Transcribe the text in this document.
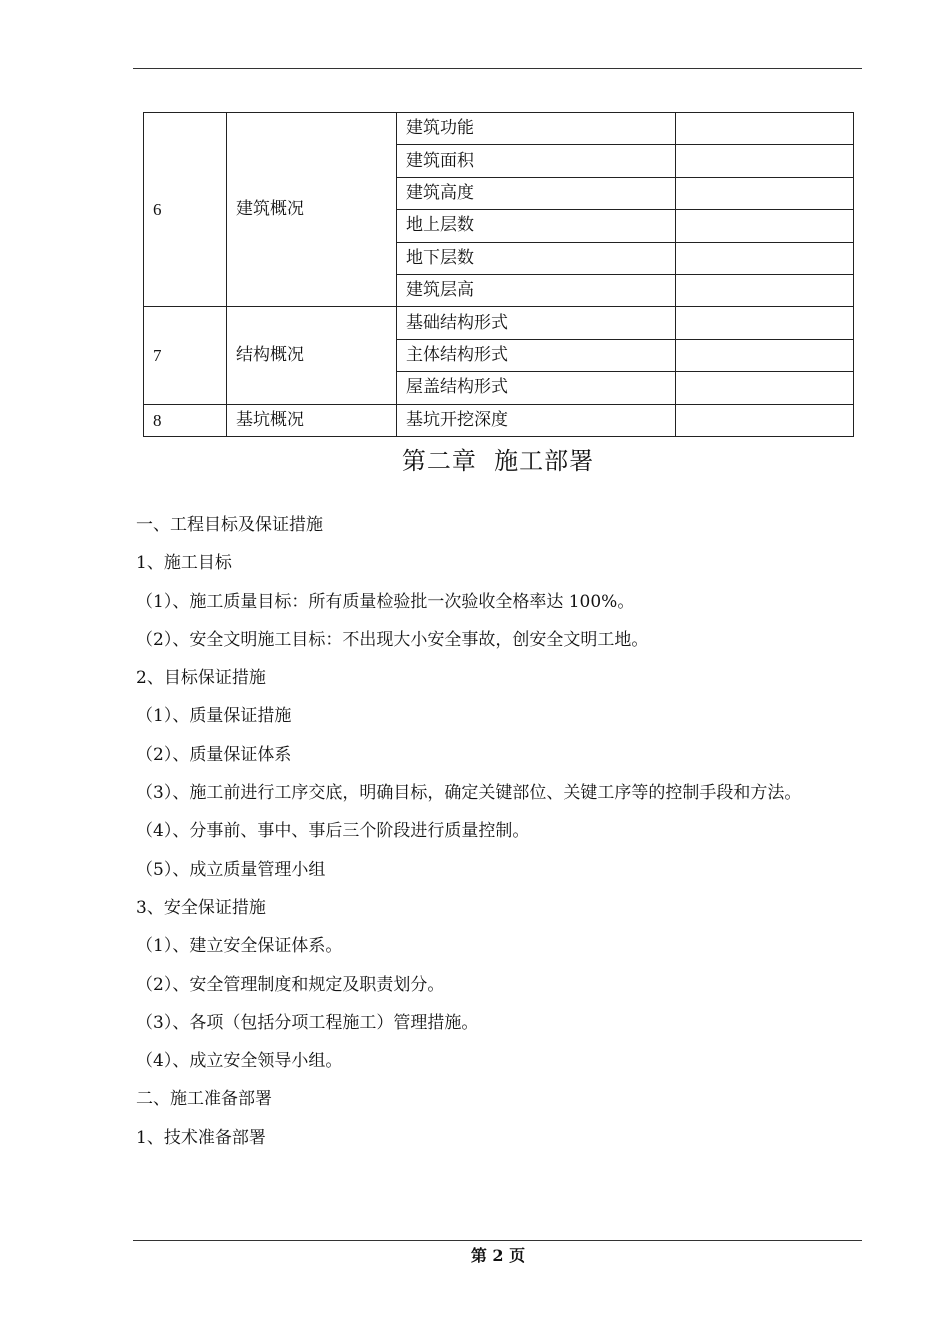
6	建筑概况	建筑功能	
		建筑面积	
		建筑高度	
		地上层数	
		地下层数	
		建筑层高	
7	结构概况	基础结构形式	
		主体结构形式	
		屋盖结构形式	
8	基坑概况	基坑开挖深度	
第二章  施工部署

一、工程目标及保证措施

1、施工目标

（1）、施工质量目标：所有质量检验批一次验收全格率达 100%。

（2）、安全文明施工目标：不出现大小安全事故，创安全文明工地。

2、目标保证措施

（1）、质量保证措施

（2）、质量保证体系

（3）、施工前进行工序交底，明确目标，确定关键部位、关键工序等的控制手段和方法。

（4）、分事前、事中、事后三个阶段进行质量控制。

（5）、成立质量管理小组

3、安全保证措施

（1）、建立安全保证体系。

（2）、安全管理制度和规定及职责划分。

（3）、各项（包括分项工程施工）管理措施。

（4）、成立安全领导小组。

二、施工准备部署

1、技术准备部署

第 2 页
